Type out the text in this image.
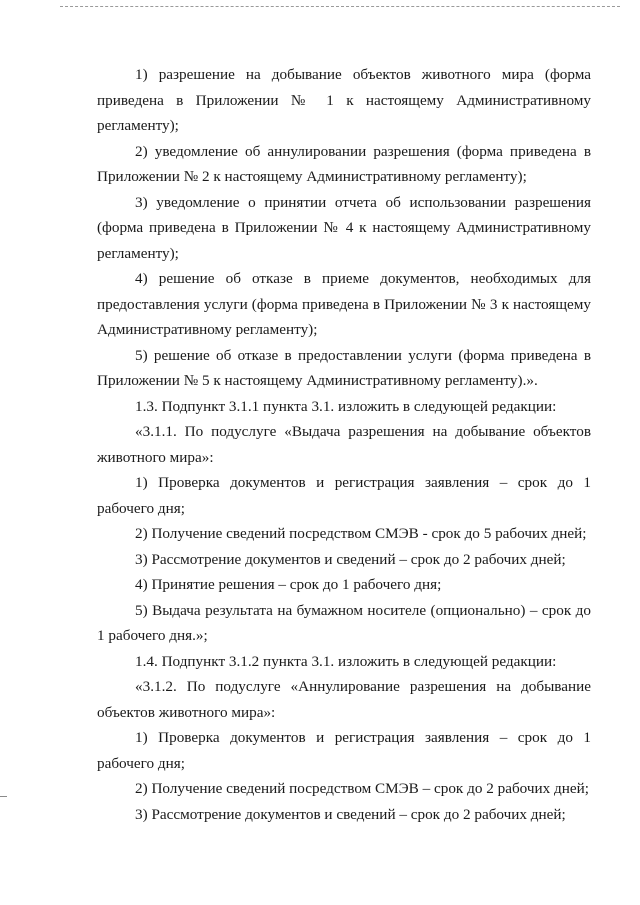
1) разрешение на добывание объектов животного мира (форма приведена в Приложении № 1 к настоящему Административному регламенту);

2) уведомление об аннулировании разрешения (форма приведена в Приложении № 2 к настоящему Административному регламенту);

3) уведомление о принятии отчета об использовании разрешения (форма приведена в Приложении № 4 к настоящему Административному регламенту);

4) решение об отказе в приеме документов, необходимых для предоставления услуги (форма приведена в Приложении № 3 к настоящему Административному регламенту);

5) решение об отказе в предоставлении услуги (форма приведена в Приложении № 5 к настоящему Административному регламенту).».

1.3. Подпункт 3.1.1 пункта 3.1. изложить в следующей редакции:

«3.1.1. По подуслуге «Выдача разрешения на добывание объектов животного мира»:

1) Проверка документов и регистрация заявления – срок до 1 рабочего дня;

2) Получение сведений посредством СМЭВ - срок до 5 рабочих дней;

3) Рассмотрение документов и сведений – срок до 2 рабочих дней;

4) Принятие решения – срок до 1 рабочего дня;

5) Выдача результата на бумажном носителе (опционально) – срок до 1 рабочего дня.»;

1.4. Подпункт 3.1.2 пункта 3.1. изложить в следующей редакции:

«3.1.2. По подуслуге «Аннулирование разрешения на добывание объектов животного мира»:

1) Проверка документов и регистрация заявления – срок до 1 рабочего дня;

2) Получение сведений посредством СМЭВ – срок до 2 рабочих дней;

3) Рассмотрение документов и сведений – срок до 2 рабочих дней;
